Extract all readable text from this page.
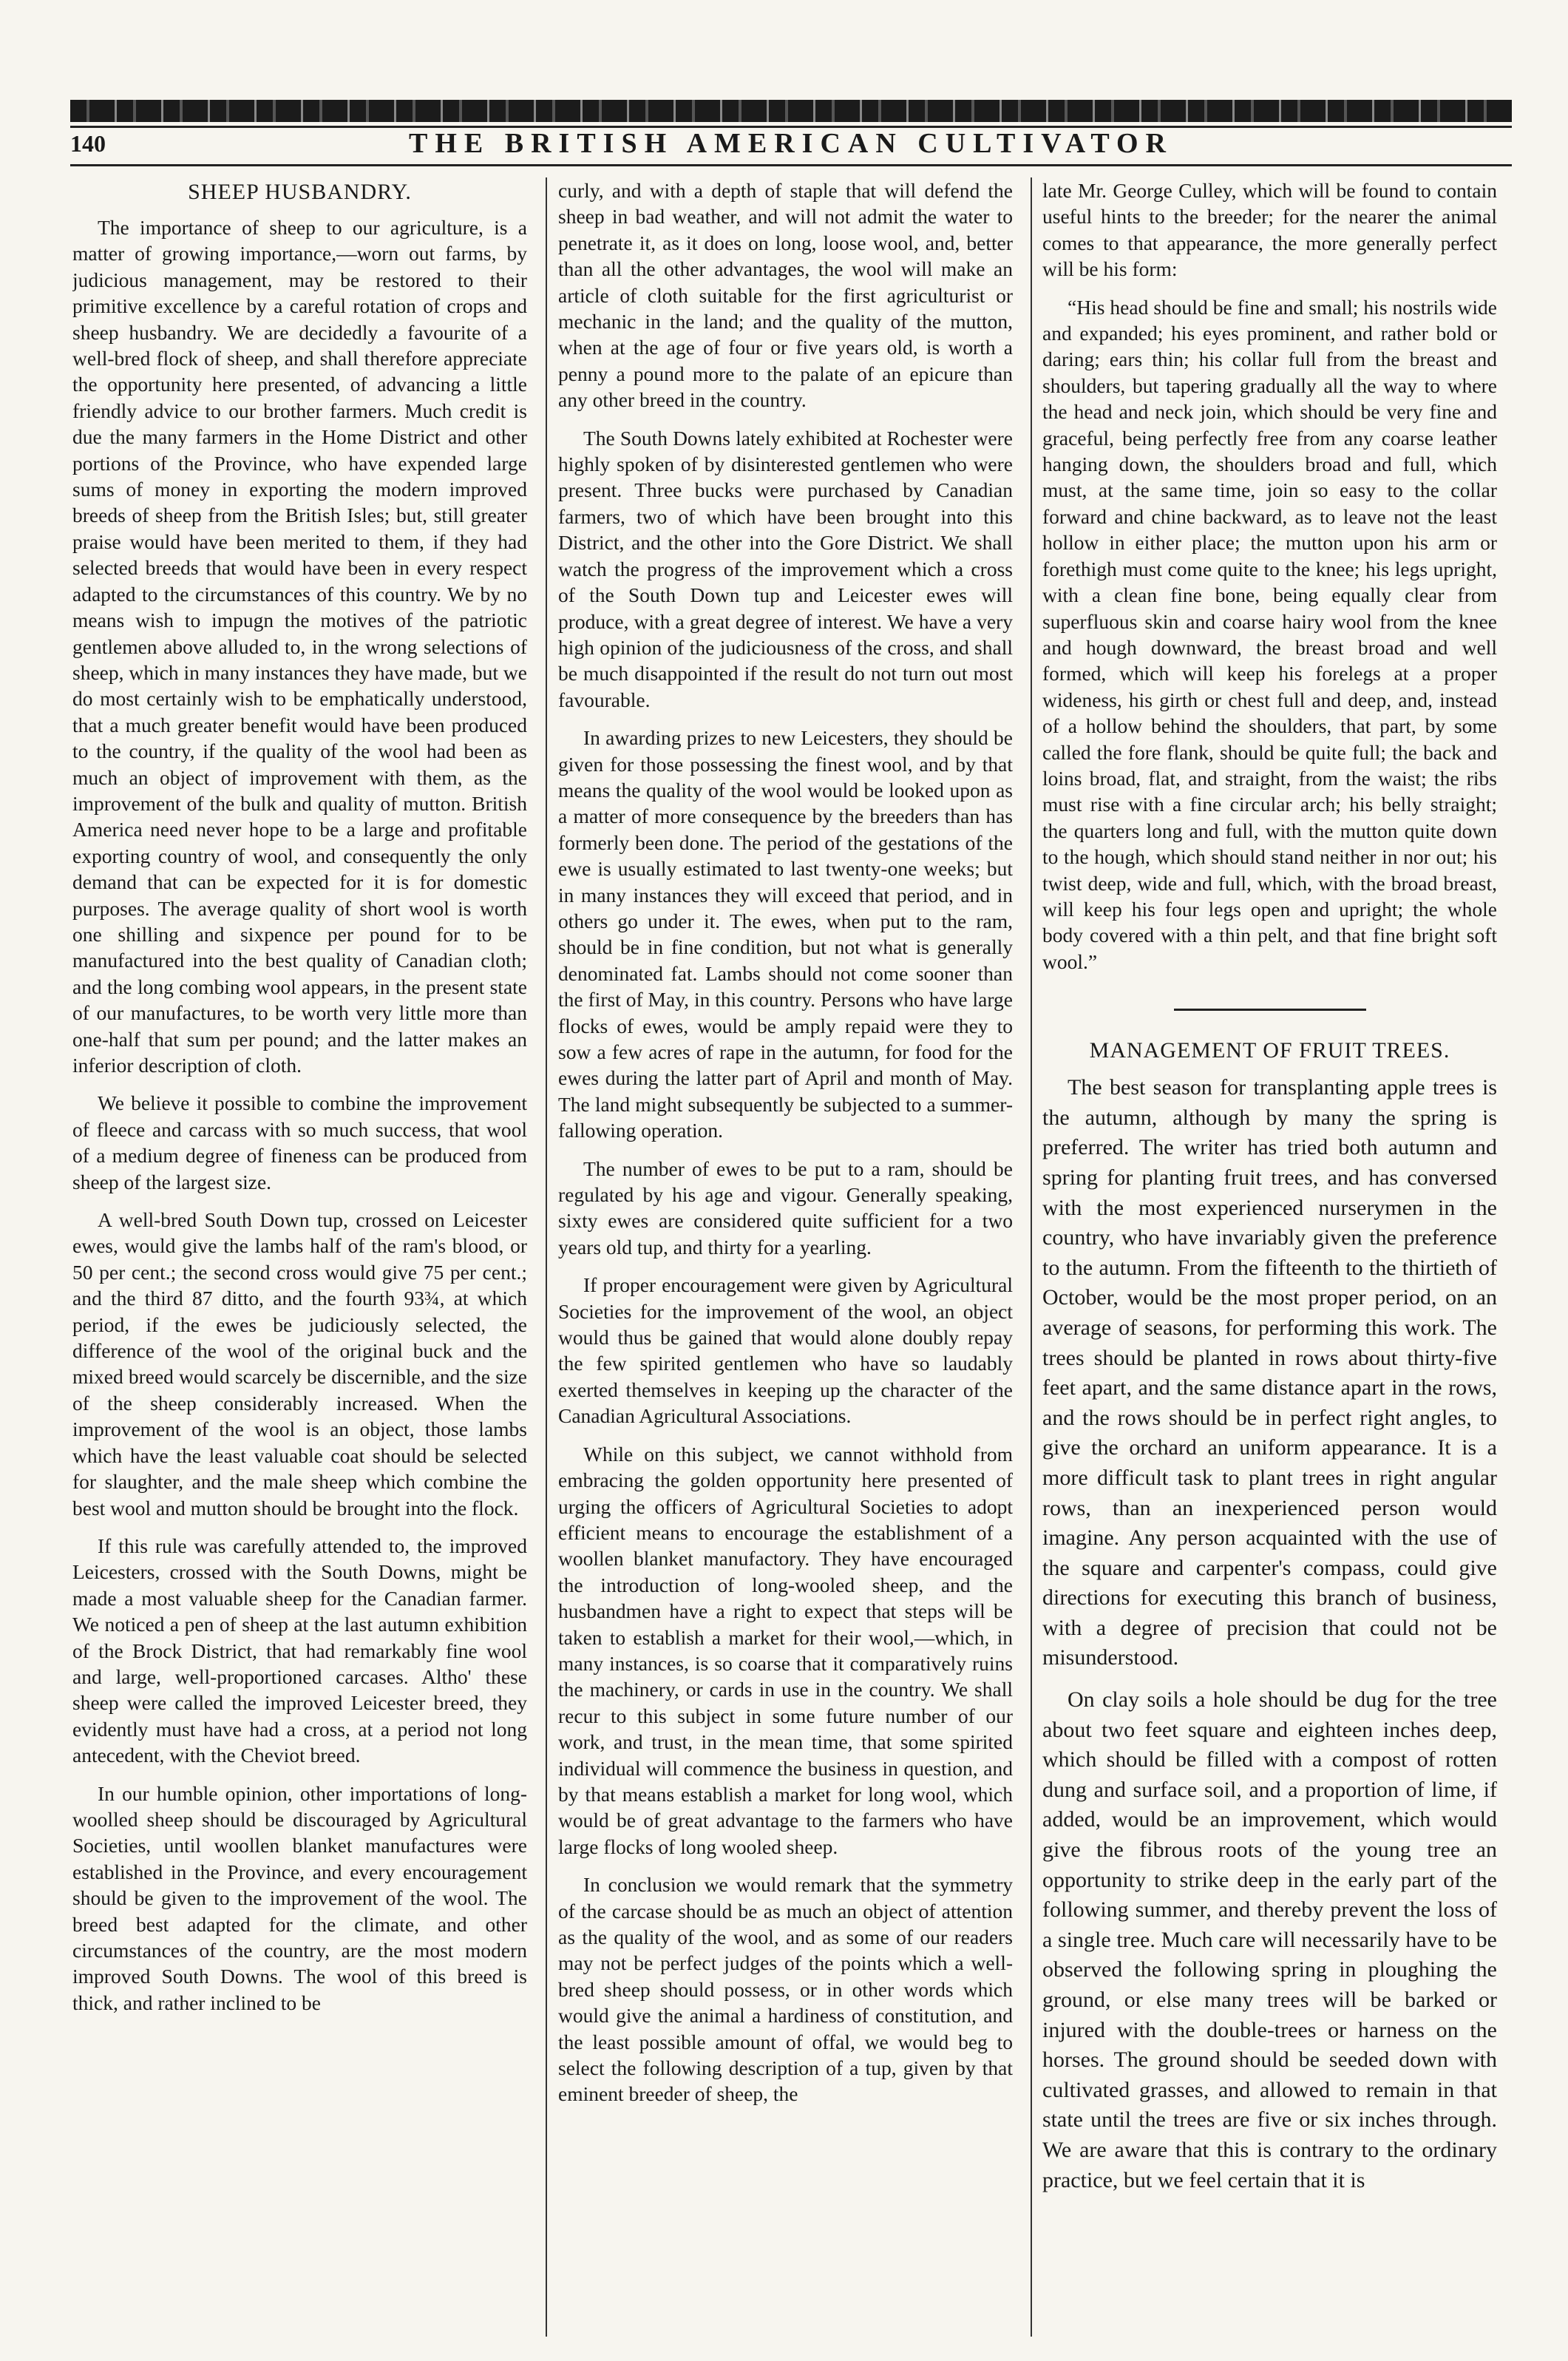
140	THE BRITISH AMERICAN CULTIVATOR
SHEEP HUSBANDRY.

The importance of sheep to our agriculture, is a matter of growing importance,—worn out farms, by judicious management, may be restored to their primitive excellence by a careful rotation of crops and sheep husbandry. We are decidedly a favourite of a well-bred flock of sheep, and shall therefore appreciate the opportunity here presented, of advancing a little friendly advice to our brother farmers. Much credit is due the many farmers in the Home District and other portions of the Province, who have expended large sums of money in exporting the modern improved breeds of sheep from the British Isles; but, still greater praise would have been merited to them, if they had selected breeds that would have been in every respect adapted to the circumstances of this country. We by no means wish to impugn the motives of the patriotic gentlemen above alluded to, in the wrong selections of sheep, which in many instances they have made, but we do most certainly wish to be emphatically understood, that a much greater benefit would have been produced to the country, if the quality of the wool had been as much an object of improvement with them, as the improvement of the bulk and quality of mutton. British America need never hope to be a large and profitable exporting country of wool, and consequently the only demand that can be expected for it is for domestic purposes. The average quality of short wool is worth one shilling and sixpence per pound for to be manufactured into the best quality of Canadian cloth; and the long combing wool appears, in the present state of our manufactures, to be worth very little more than one-half that sum per pound; and the latter makes an inferior description of cloth.

We believe it possible to combine the improvement of fleece and carcass with so much success, that wool of a medium degree of fineness can be produced from sheep of the largest size.

A well-bred South Down tup, crossed on Leicester ewes, would give the lambs half of the ram's blood, or 50 per cent.; the second cross would give 75 per cent.; and the third 87 ditto, and the fourth 93¾, at which period, if the ewes be judiciously selected, the difference of the wool of the original buck and the mixed breed would scarcely be discernible, and the size of the sheep considerably increased. When the improvement of the wool is an object, those lambs which have the least valuable coat should be selected for slaughter, and the male sheep which combine the best wool and mutton should be brought into the flock.

If this rule was carefully attended to, the improved Leicesters, crossed with the South Downs, might be made a most valuable sheep for the Canadian farmer. We noticed a pen of sheep at the last autumn exhibition of the Brock District, that had remarkably fine wool and large, well-proportioned carcases. Altho' these sheep were called the improved Leicester breed, they evidently must have had a cross, at a period not long antecedent, with the Cheviot breed.

In our humble opinion, other importations of long-woolled sheep should be discouraged by Agricultural Societies, until woollen blanket manufactures were established in the Province, and every encouragement should be given to the improvement of the wool. The breed best adapted for the climate, and other circumstances of the country, are the most modern improved South Downs. The wool of this breed is thick, and rather inclined to be

curly, and with a depth of staple that will defend the sheep in bad weather, and will not admit the water to penetrate it, as it does on long, loose wool, and, better than all the other advantages, the wool will make an article of cloth suitable for the first agriculturist or mechanic in the land; and the quality of the mutton, when at the age of four or five years old, is worth a penny a pound more to the palate of an epicure than any other breed in the country.

The South Downs lately exhibited at Rochester were highly spoken of by disinterested gentlemen who were present. Three bucks were purchased by Canadian farmers, two of which have been brought into this District, and the other into the Gore District. We shall watch the progress of the improvement which a cross of the South Down tup and Leicester ewes will produce, with a great degree of interest. We have a very high opinion of the judiciousness of the cross, and shall be much disappointed if the result do not turn out most favourable.

In awarding prizes to new Leicesters, they should be given for those possessing the finest wool, and by that means the quality of the wool would be looked upon as a matter of more consequence by the breeders than has formerly been done. The period of the gestations of the ewe is usually estimated to last twenty-one weeks; but in many instances they will exceed that period, and in others go under it. The ewes, when put to the ram, should be in fine condition, but not what is generally denominated fat. Lambs should not come sooner than the first of May, in this country. Persons who have large flocks of ewes, would be amply repaid were they to sow a few acres of rape in the autumn, for food for the ewes during the latter part of April and month of May. The land might subsequently be subjected to a summer-fallowing operation.

The number of ewes to be put to a ram, should be regulated by his age and vigour. Generally speaking, sixty ewes are considered quite sufficient for a two years old tup, and thirty for a yearling.

If proper encouragement were given by Agricultural Societies for the improvement of the wool, an object would thus be gained that would alone doubly repay the few spirited gentlemen who have so laudably exerted themselves in keeping up the character of the Canadian Agricultural Associations.

While on this subject, we cannot withhold from embracing the golden opportunity here presented of urging the officers of Agricultural Societies to adopt efficient means to encourage the establishment of a woollen blanket manufactory. They have encouraged the introduction of long-wooled sheep, and the husbandmen have a right to expect that steps will be taken to establish a market for their wool,—which, in many instances, is so coarse that it comparatively ruins the machinery, or cards in use in the country. We shall recur to this subject in some future number of our work, and trust, in the mean time, that some spirited individual will commence the business in question, and by that means establish a market for long wool, which would be of great advantage to the farmers who have large flocks of long wooled sheep.

In conclusion we would remark that the symmetry of the carcase should be as much an object of attention as the quality of the wool, and as some of our readers may not be perfect judges of the points which a well-bred sheep should possess, or in other words which would give the animal a hardiness of constitution, and the least possible amount of offal, we would beg to select the following description of a tup, given by that eminent breeder of sheep, the

late Mr. George Culley, which will be found to contain useful hints to the breeder; for the nearer the animal comes to that appearance, the more generally perfect will be his form:

“His head should be fine and small; his nostrils wide and expanded; his eyes prominent, and rather bold or daring; ears thin; his collar full from the breast and shoulders, but tapering gradually all the way to where the head and neck join, which should be very fine and graceful, being perfectly free from any coarse leather hanging down, the shoulders broad and full, which must, at the same time, join so easy to the collar forward and chine backward, as to leave not the least hollow in either place; the mutton upon his arm or forethigh must come quite to the knee; his legs upright, with a clean fine bone, being equally clear from superfluous skin and coarse hairy wool from the knee and hough downward, the breast broad and well formed, which will keep his forelegs at a proper wideness, his girth or chest full and deep, and, instead of a hollow behind the shoulders, that part, by some called the fore flank, should be quite full; the back and loins broad, flat, and straight, from the waist; the ribs must rise with a fine circular arch; his belly straight; the quarters long and full, with the mutton quite down to the hough, which should stand neither in nor out; his twist deep, wide and full, which, with the broad breast, will keep his four legs open and upright; the whole body covered with a thin pelt, and that fine bright soft wool.”

MANAGEMENT OF FRUIT TREES.

The best season for transplanting apple trees is the autumn, although by many the spring is preferred. The writer has tried both autumn and spring for planting fruit trees, and has conversed with the most experienced nurserymen in the country, who have invariably given the preference to the autumn. From the fifteenth to the thirtieth of October, would be the most proper period, on an average of seasons, for performing this work. The trees should be planted in rows about thirty-five feet apart, and the same distance apart in the rows, and the rows should be in perfect right angles, to give the orchard an uniform appearance. It is a more difficult task to plant trees in right angular rows, than an inexperienced person would imagine. Any person acquainted with the use of the square and carpenter's compass, could give directions for executing this branch of business, with a degree of precision that could not be misunderstood.

On clay soils a hole should be dug for the tree about two feet square and eighteen inches deep, which should be filled with a compost of rotten dung and surface soil, and a proportion of lime, if added, would be an improvement, which would give the fibrous roots of the young tree an opportunity to strike deep in the early part of the following summer, and thereby prevent the loss of a single tree. Much care will necessarily have to be observed the following spring in ploughing the ground, or else many trees will be barked or injured with the double-trees or harness on the horses. The ground should be seeded down with cultivated grasses, and allowed to remain in that state until the trees are five or six inches through. We are aware that this is contrary to the ordinary practice, but we feel certain that it is
